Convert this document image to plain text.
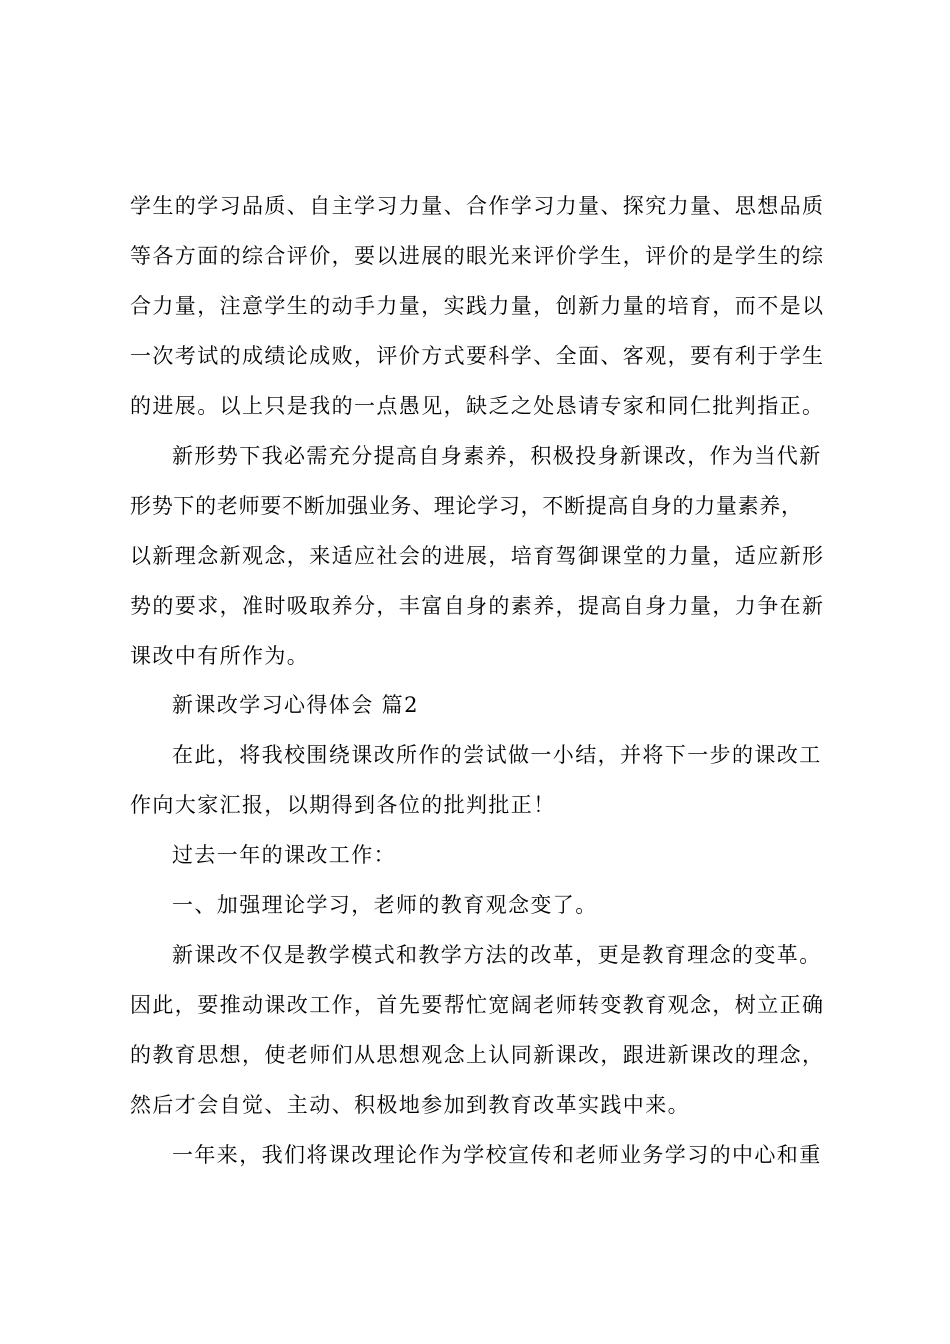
学生的学习品质、自主学习力量、合作学习力量、探究力量、思想品质
等各方面的综合评价，要以进展的眼光来评价学生，评价的是学生的综
合力量，注意学生的动手力量，实践力量，创新力量的培育，而不是以
一次考试的成绩论成败，评价方式要科学、全面、客观，要有利于学生
的进展。以上只是我的一点愚见，缺乏之处恳请专家和同仁批判指正。
新形势下我必需充分提高自身素养，积极投身新课改，作为当代新
形势下的老师要不断加强业务、理论学习，不断提高自身的力量素养，
以新理念新观念，来适应社会的进展，培育驾御课堂的力量，适应新形
势的要求，准时吸取养分，丰富自身的素养，提高自身力量，力争在新
课改中有所作为。
新课改学习心得体会 篇2
在此，将我校围绕课改所作的尝试做一小结，并将下一步的课改工
作向大家汇报，以期得到各位的批判批正！
过去一年的课改工作：
一、加强理论学习，老师的教育观念变了。
新课改不仅是教学模式和教学方法的改革，更是教育理念的变革。
因此，要推动课改工作，首先要帮忙宽阔老师转变教育观念，树立正确
的教育思想，使老师们从思想观念上认同新课改，跟进新课改的理念，
然后才会自觉、主动、积极地参加到教育改革实践中来。
一年来，我们将课改理论作为学校宣传和老师业务学习的中心和重
